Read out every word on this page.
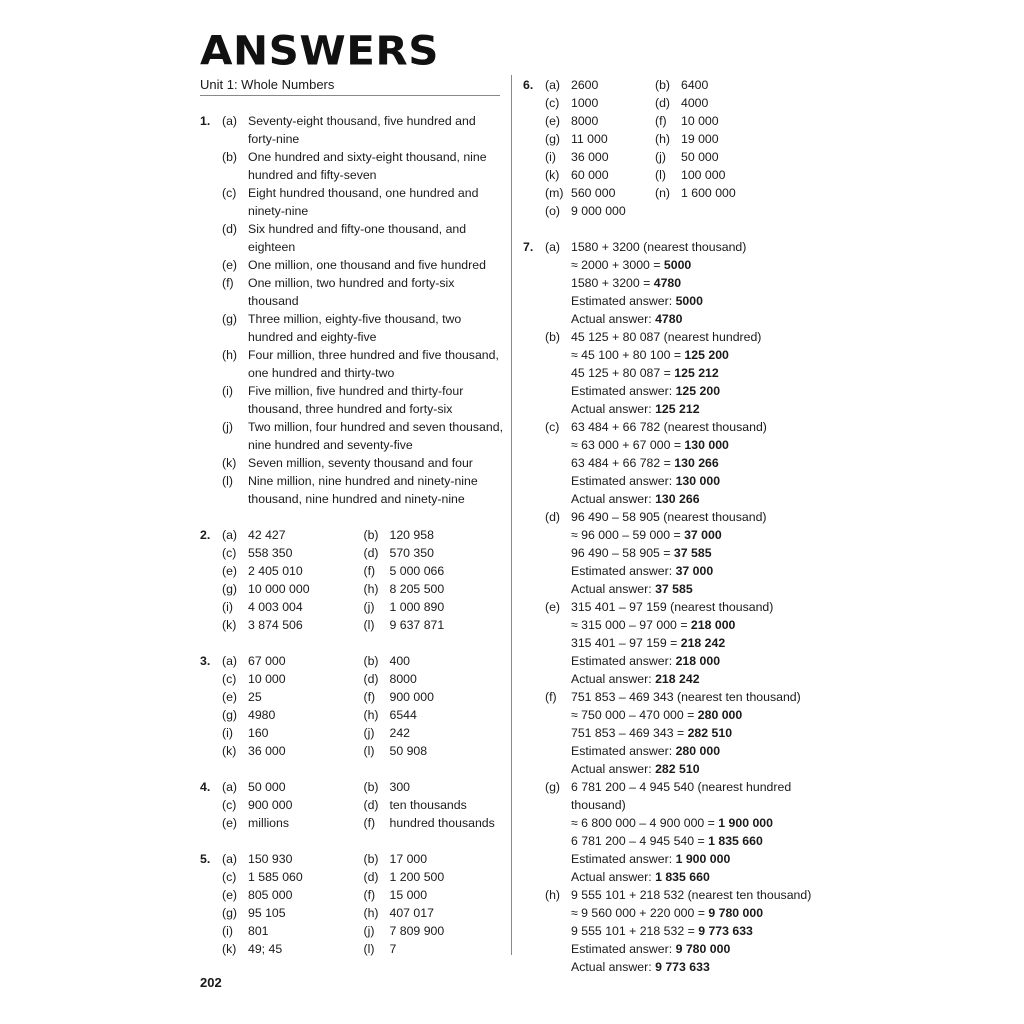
ANSWERS
Unit 1: Whole Numbers
1. (a) Seventy-eight thousand, five hundred and forty-nine
(b) One hundred and sixty-eight thousand, nine hundred and fifty-seven
(c) Eight hundred thousand, one hundred and ninety-nine
(d) Six hundred and fifty-one thousand, and eighteen
(e) One million, one thousand and five hundred
(f)	One million, two hundred and forty-six thousand
(g) Three million, eighty-five thousand, two hundred and eighty-five
(h) Four million, three hundred and five thousand, one hundred and thirty-two
(i)	Five million, five hundred and thirty-four thousand, three hundred and forty-six
(j)	Two million, four hundred and seven thousand, nine hundred and seventy-five
(k) Seven million, seventy thousand and four
(l)	Nine million, nine hundred and ninety-nine thousand, nine hundred and ninety-nine
2. (a) 42 427	(b) 120 958
(c) 558 350	(d) 570 350
(e) 2 405 010	(f)	5 000 066
(g) 10 000 000	(h) 8 205 500
(i)	4 003 004	(j)	1 000 890
(k) 3 874 506	(l)	9 637 871
3. (a) 67 000	(b) 400
(c) 10 000	(d) 8000
(e) 25	(f)	900 000
(g) 4980	(h) 6544
(i)	160	(j)	242
(k) 36 000	(l)	50 908
4. (a) 50 000	(b) 300
(c) 900 000	(d) ten thousands
(e) millions	(f)	hundred thousands
5. (a) 150 930	(b) 17 000
(c) 1 585 060	(d) 1 200 500
(e) 805 000	(f)	15 000
(g) 95 105	(h) 407 017
(i)	801	(j)	7 809 900
(k) 49; 45	(l)	7
6. (a) 2600	(b) 6400
(c) 1000	(d) 4000
(e) 8000	(f)	10 000
(g) 11 000	(h) 19 000
(i)	36 000	(j)	50 000
(k) 60 000	(l)	100 000
(m) 560 000	(n) 1 600 000
(o) 9 000 000
7. (a) 1580 + 3200 (nearest thousand)
≈ 2000 + 3000 = 5000
1580 + 3200 = 4780
Estimated answer: 5000
Actual answer: 4780
(b) 45 125 + 80 087 (nearest hundred)
≈ 45 100 + 80 100 = 125 200
45 125 + 80 087 = 125 212
Estimated answer: 125 200
Actual answer: 125 212
(c) 63 484 + 66 782 (nearest thousand)
≈ 63 000 + 67 000 = 130 000
63 484 + 66 782 = 130 266
Estimated answer: 130 000
Actual answer: 130 266
(d) 96 490 – 58 905 (nearest thousand)
≈ 96 000 – 59 000 = 37 000
96 490 – 58 905 = 37 585
Estimated answer: 37 000
Actual answer: 37 585
(e) 315 401 – 97 159 (nearest thousand)
≈ 315 000 – 97 000 = 218 000
315 401 – 97 159 = 218 242
Estimated answer: 218 000
Actual answer: 218 242
(f)	751 853 – 469 343 (nearest ten thousand)
≈ 750 000 – 470 000 = 280 000
751 853 – 469 343 = 282 510
Estimated answer: 280 000
Actual answer: 282 510
(g) 6 781 200 – 4 945 540 (nearest hundred
thousand)
≈ 6 800 000 – 4 900 000 = 1 900 000
6 781 200 – 4 945 540 = 1 835 660
Estimated answer: 1 900 000
Actual answer: 1 835 660
(h) 9 555 101 + 218 532 (nearest ten thousand)
≈ 9 560 000 + 220 000 = 9 780 000
9 555 101 + 218 532 = 9 773 633
Estimated answer: 9 780 000
Actual answer: 9 773 633
202
